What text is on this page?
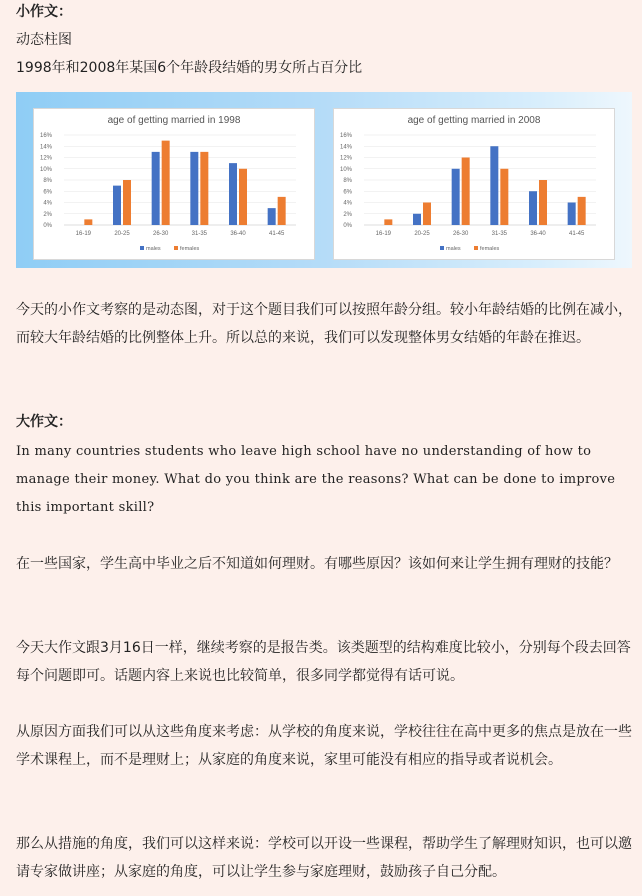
小作文：

动态柱图

1998年和2008年某国6个年龄段结婚的男女所占百分比

age of getting married in 1998
0%
2%
4%
6%
8%
10%
12%
14%
16%
16-19	20-25	26-30	31-35	36-40	41-45
males	females
age of getting married in 2008
0%
2%
4%
6%
8%
10%
12%
14%
16%
16-19	20-25	26-30	31-35	36-40	41-45
males	females

今天的小作文考察的是动态图，对于这个题目我们可以按照年龄分组。较小年龄结婚的比例在减小，而较大年龄结婚的比例整体上升。所以总的来说，我们可以发现整体男女结婚的年龄在推迟。

大作文：

In many countries students who leave high school have no understanding of how to manage their money. What do you think are the reasons? What can be done to improve this important skill?

在一些国家，学生高中毕业之后不知道如何理财。有哪些原因？该如何来让学生拥有理财的技能？

今天大作文跟3月16日一样，继续考察的是报告类。该类题型的结构难度比较小，分别每个段去回答每个问题即可。话题内容上来说也比较简单，很多同学都觉得有话可说。

从原因方面我们可以从这些角度来考虑：从学校的角度来说，学校往往在高中更多的焦点是放在一些学术课程上，而不是理财上；从家庭的角度来说，家里可能没有相应的指导或者说机会。

那么从措施的角度，我们可以这样来说：学校可以开设一些课程，帮助学生了解理财知识，也可以邀请专家做讲座；从家庭的角度，可以让学生参与家庭理财，鼓励孩子自己分配。
